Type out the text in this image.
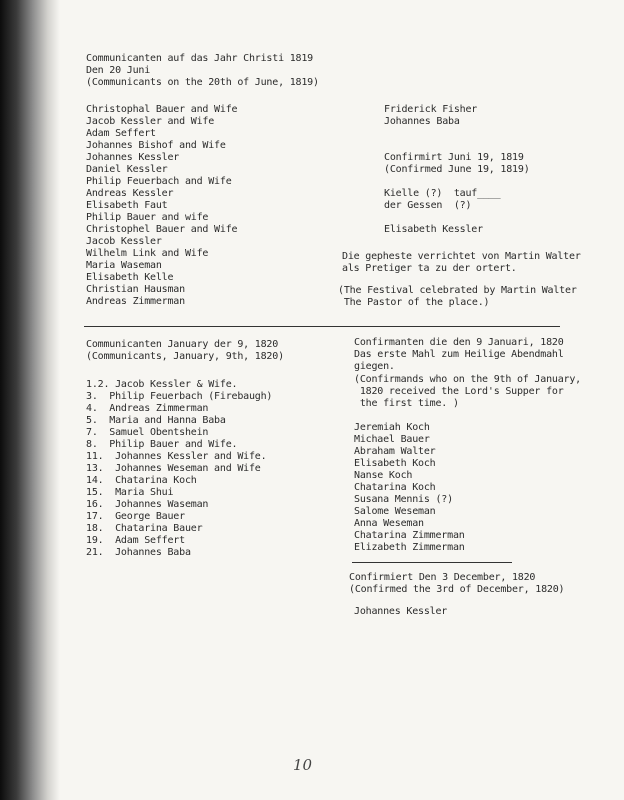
Communicanten auf das Jahr Christi 1819
Den 20 Juni
(Communicants on the 20th of June, 1819)
Christophal Bauer and Wife
Jacob Kessler and Wife
Adam Seffert
Johannes Bishof and Wife
Johannes Kessler
Daniel Kessler
Philip Feuerbach and Wife
Andreas Kessler
Elisabeth Faut
Philip Bauer and wife
Christophel Bauer and Wife
Jacob Kessler
Wilhelm Link and Wife
Maria Waseman
Elisabeth Kelle
Christian Hausman
Andreas Zimmerman
Friderick Fisher
Johannes Baba
Confirmirt Juni 19, 1819
(Confirmed June 19, 1819)
Kielle (?)  tauf____
der Gessen  (?)
Elisabeth Kessler
Die gepheste verrichtet von Martin Walter
als Pretiger ta zu der ortert.
(The Festival celebrated by Martin Walter
The Pastor of the place.)
Communicanten January der 9, 1820
(Communicants, January, 9th, 1820)
1.2. Jacob Kessler & Wife.
3.  Philip Feuerbach (Firebaugh)
4.  Andreas Zimmerman
5.  Maria and Hanna Baba
7.  Samuel Obentshein
8.  Philip Bauer and Wife.
11.  Johannes Kessler and Wife.
13.  Johannes Weseman and Wife
14.  Chatarina Koch
15.  Maria Shui
16.  Johannes Waseman
17.  George Bauer
18.  Chatarina Bauer
19.  Adam Seffert
21.  Johannes Baba
Confirmanten die den 9 Januari, 1820
Das erste Mahl zum Heilige Abendmahl
giegen.
(Confirmands who on the 9th of January,
1820 received the Lord's Supper for
the first time. )
Jeremiah Koch
Michael Bauer
Abraham Walter
Elisabeth Koch
Nanse Koch
Chatarina Koch
Susana Mennis (?)
Salome Weseman
Anna Weseman
Chatarina Zimmerman
Elizabeth Zimmerman
Confirmiert Den 3 December, 1820
(Confirmed the 3rd of December, 1820)
Johannes Kessler
10
